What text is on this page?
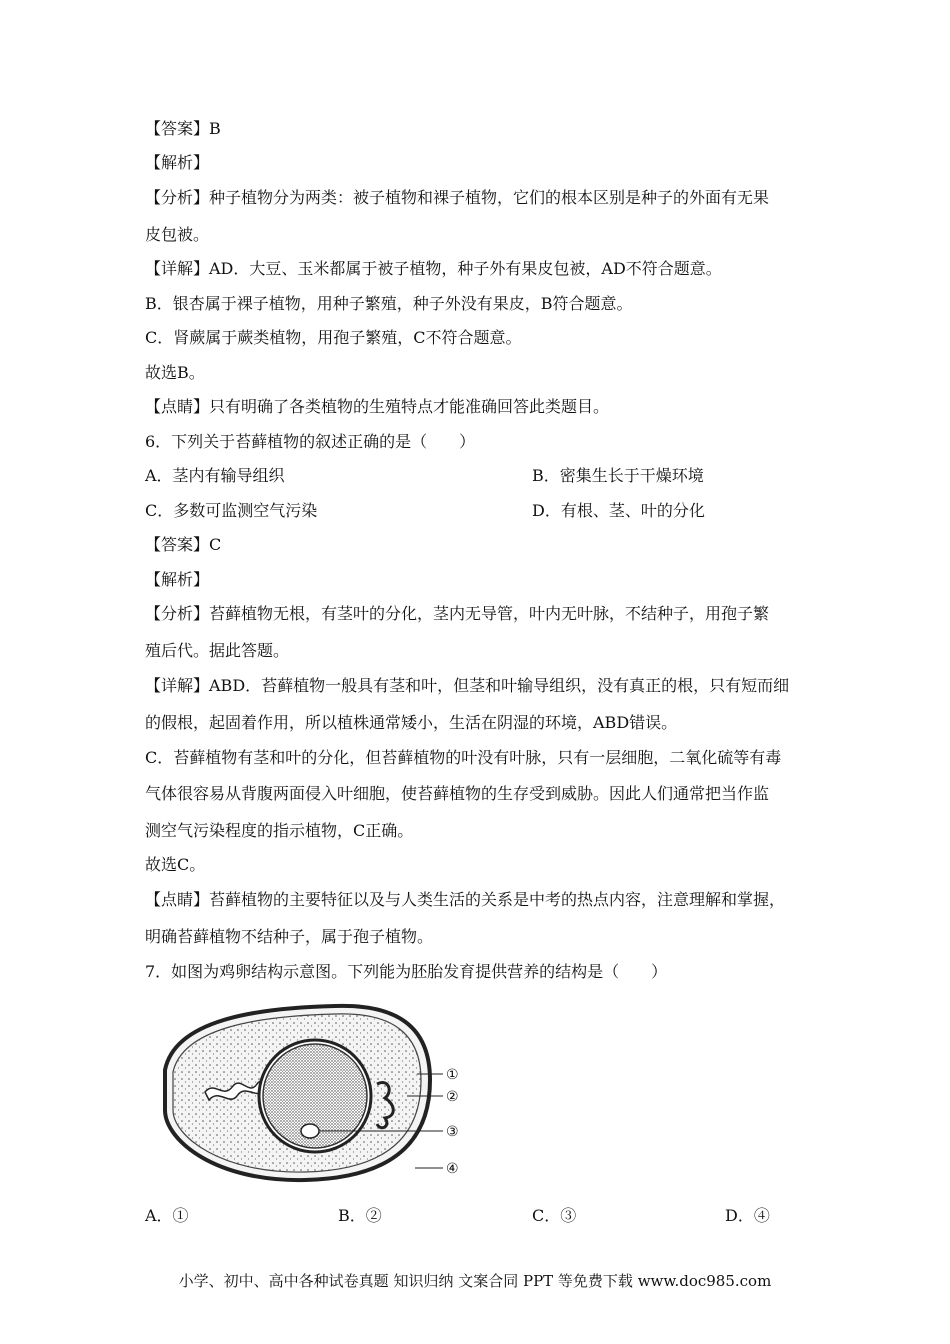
【答案】B
【解析】
【分析】种子植物分为两类：被子植物和裸子植物，它们的根本区别是种子的外面有无果
皮包被。
【详解】AD．大豆、玉米都属于被子植物，种子外有果皮包被，AD不符合题意。
B．银杏属于裸子植物，用种子繁殖，种子外没有果皮，B符合题意。
C．肾蕨属于蕨类植物，用孢子繁殖，C不符合题意。
故选B。
【点睛】只有明确了各类植物的生殖特点才能准确回答此类题目。
6．下列关于苔藓植物的叙述正确的是（　　）
A．茎内有输导组织	B．密集生长于干燥环境
C．多数可监测空气污染	D．有根、茎、叶的分化
【答案】C
【解析】
【分析】苔藓植物无根，有茎叶的分化，茎内无导管，叶内无叶脉，不结种子，用孢子繁
殖后代。据此答题。
【详解】ABD．苔藓植物一般具有茎和叶，但茎和叶输导组织，没有真正的根，只有短而细
的假根，起固着作用，所以植株通常矮小，生活在阴湿的环境，ABD错误。
C．苔藓植物有茎和叶的分化，但苔藓植物的叶没有叶脉，只有一层细胞，二氧化硫等有毒
气体很容易从背腹两面侵入叶细胞，使苔藓植物的生存受到威胁。因此人们通常把当作监
测空气污染程度的指示植物，C正确。
故选C。
【点睛】苔藓植物的主要特征以及与人类生活的关系是中考的热点内容，注意理解和掌握，
明确苔藓植物不结种子，属于孢子植物。
7．如图为鸡卵结构示意图。下列能为胚胎发育提供营养的结构是（　　）
①
②
③
④
A．①	B．②	C．③	D．④
小学、初中、高中各种试卷真题 知识归纳 文案合同 PPT 等免费下载 www.doc985.com
